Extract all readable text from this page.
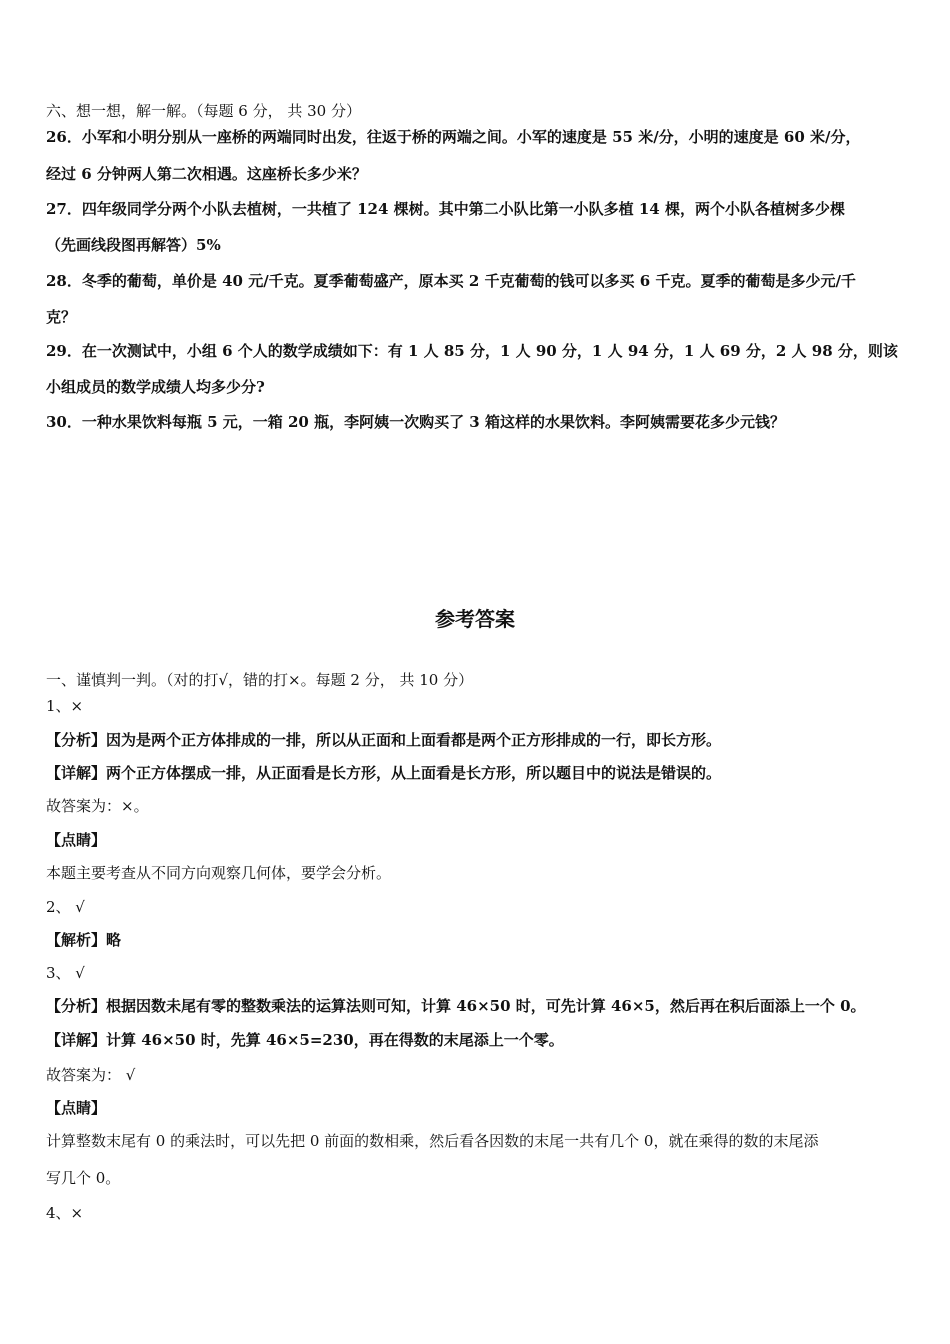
六、想一想，解一解。（每题 6 分， 共 30 分）
26．小军和小明分别从一座桥的两端同时出发，往返于桥的两端之间。小军的速度是 55 米/分，小明的速度是 60 米/分，
经过 6 分钟两人第二次相遇。这座桥长多少米？
27．四年级同学分两个小队去植树，一共植了 124 棵树。其中第二小队比第一小队多植 14 棵，两个小队各植树多少棵
（先画线段图再解答）5%
28．冬季的葡萄，单价是 40 元/千克。夏季葡萄盛产，原本买 2 千克葡萄的钱可以多买 6 千克。夏季的葡萄是多少元/千
克？
29．在一次测试中，小组 6 个人的数学成绩如下：有 1 人 85 分，1 人 90 分，1 人 94 分，1 人 69 分，2 人 98 分，则该
小组成员的数学成绩人均多少分?
30．一种水果饮料每瓶 5 元，一箱 20 瓶，李阿姨一次购买了 3 箱这样的水果饮料。李阿姨需要花多少元钱？
参考答案
一、谨慎判一判。（对的打√，错的打×。每题 2 分， 共 10 分）
1、×
【分析】因为是两个正方体排成的一排，所以从正面和上面看都是两个正方形排成的一行，即长方形。
【详解】两个正方体摆成一排，从正面看是长方形，从上面看是长方形，所以题目中的说法是错误的。
故答案为：×。
【点睛】
本题主要考查从不同方向观察几何体，要学会分析。
2、 √
【解析】略
3、 √
【分析】根据因数未尾有零的整数乘法的运算法则可知，计算 46×50 时，可先计算 46×5，然后再在积后面添上一个 0。
【详解】计算 46×50 时，先算 46×5=230，再在得数的末尾添上一个零。
故答案为： √
【点睛】
计算整数末尾有 0 的乘法时，可以先把 0 前面的数相乘，然后看各因数的末尾一共有几个 0，就在乘得的数的末尾添
写几个 0。
4、×
